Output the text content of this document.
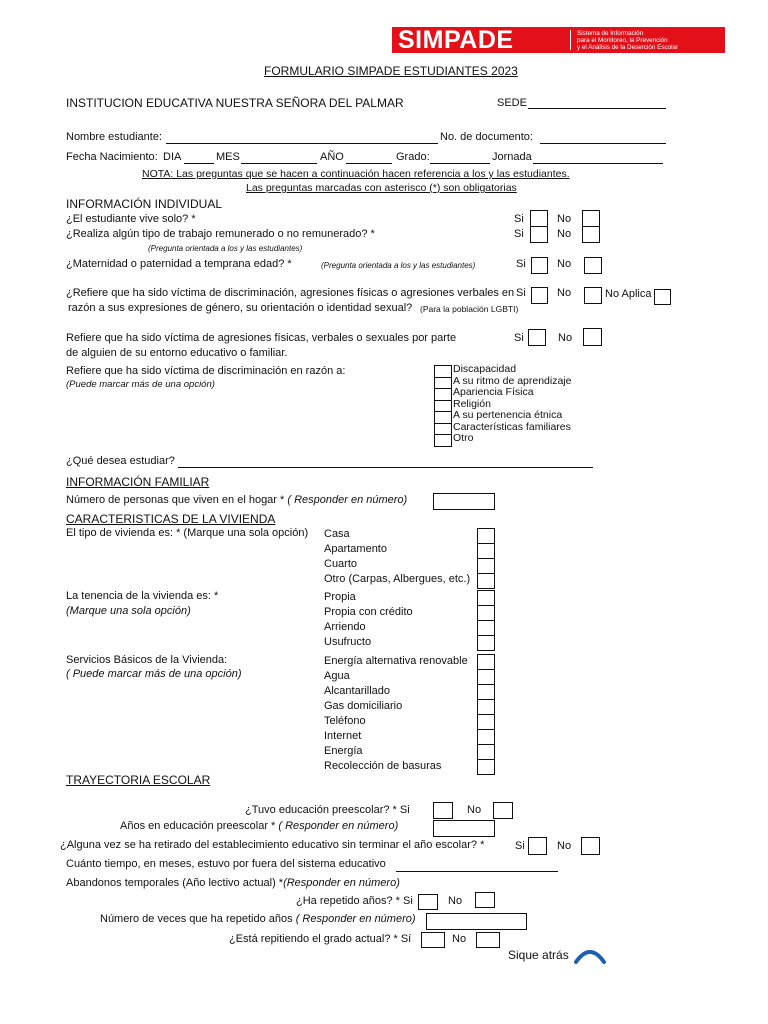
SIMPADE	Sistema de Información
para el Monitoreo, la Prevención
y el Análisis de la Deserción Escolar
FORMULARIO SIMPADE ESTUDIANTES 2023
INSTITUCION EDUCATIVA NUESTRA SEÑORA DEL PALMAR	SEDE
Nombre estudiante:	No. de documento:
Fecha Nacimiento: DIA	MES	AÑO	Grado:	Jornada
NOTA: Las preguntas que se hacen a continuación hacen referencia a los y las estudiantes.
Las preguntas marcadas con asterisco (*) son obligatorias
INFORMACIÓN INDIVIDUAL
¿El estudiante vive solo? *	Si	No
¿Realiza algún tipo de trabajo remunerado o no remunerado? *	Si	No
(Pregunta orientada a los y las estudiantes)
¿Maternidad o paternidad a temprana edad? *	(Pregunta orientada a los y las estudiantes)	Si	No
¿Refiere que ha sido víctima de discriminación, agresiones físicas o agresiones verbales en Si	No	No Aplica
razón a sus expresiones de género, su orientación o identidad sexual? (Para la población LGBTI)
Refiere que ha sido víctima de agresiones físicas, verbales o sexuales por parte	Si	No
de alguien de su entorno educativo o familiar.
Refiere que ha sido víctima de discriminación en razón a:
(Puede marcar más de una opción)
Discapacidad
A su ritmo de aprendizaje
Apariencia Física
Religión
A su pertenencia étnica
Características familiares
Otro
¿Qué desea estudiar?
INFORMACIÓN FAMILIAR
Número de personas que viven en el hogar * ( Responder en número)
CARACTERISTICAS DE LA VIVIENDA
El tipo de vivienda es: * (Marque una sola opción) Casa
Apartamento
Cuarto
Otro (Carpas, Albergues, etc.)
La tenencia de la vivienda es: *
(Marque una sola opción)
Propia
Propia con crédito
Arriendo
Usufructo
Servicios Básicos de la Vivienda:
( Puede marcar más de una opción)
Energía alternativa renovable
Agua
Alcantarillado
Gas domiciliario
Teléfono
Internet
Energía
Recolección de basuras
TRAYECTORIA ESCOLAR
¿Tuvo educación preescolar? * Si	No
Años en educación preescolar * ( Responder en número)
¿Alguna vez se ha retirado del establecimiento educativo sin terminar el año escolar? *	Si	No
Cuánto tiempo, en meses, estuvo por fuera del sistema educativo
Abandonos temporales (Año lectivo actual) *(Responder en número)
¿Ha repetido años? * Si	No
Número de veces que ha repetido años ( Responder en número)
¿Está repitiendo el grado actual? * Sí	No
Sique atrás
